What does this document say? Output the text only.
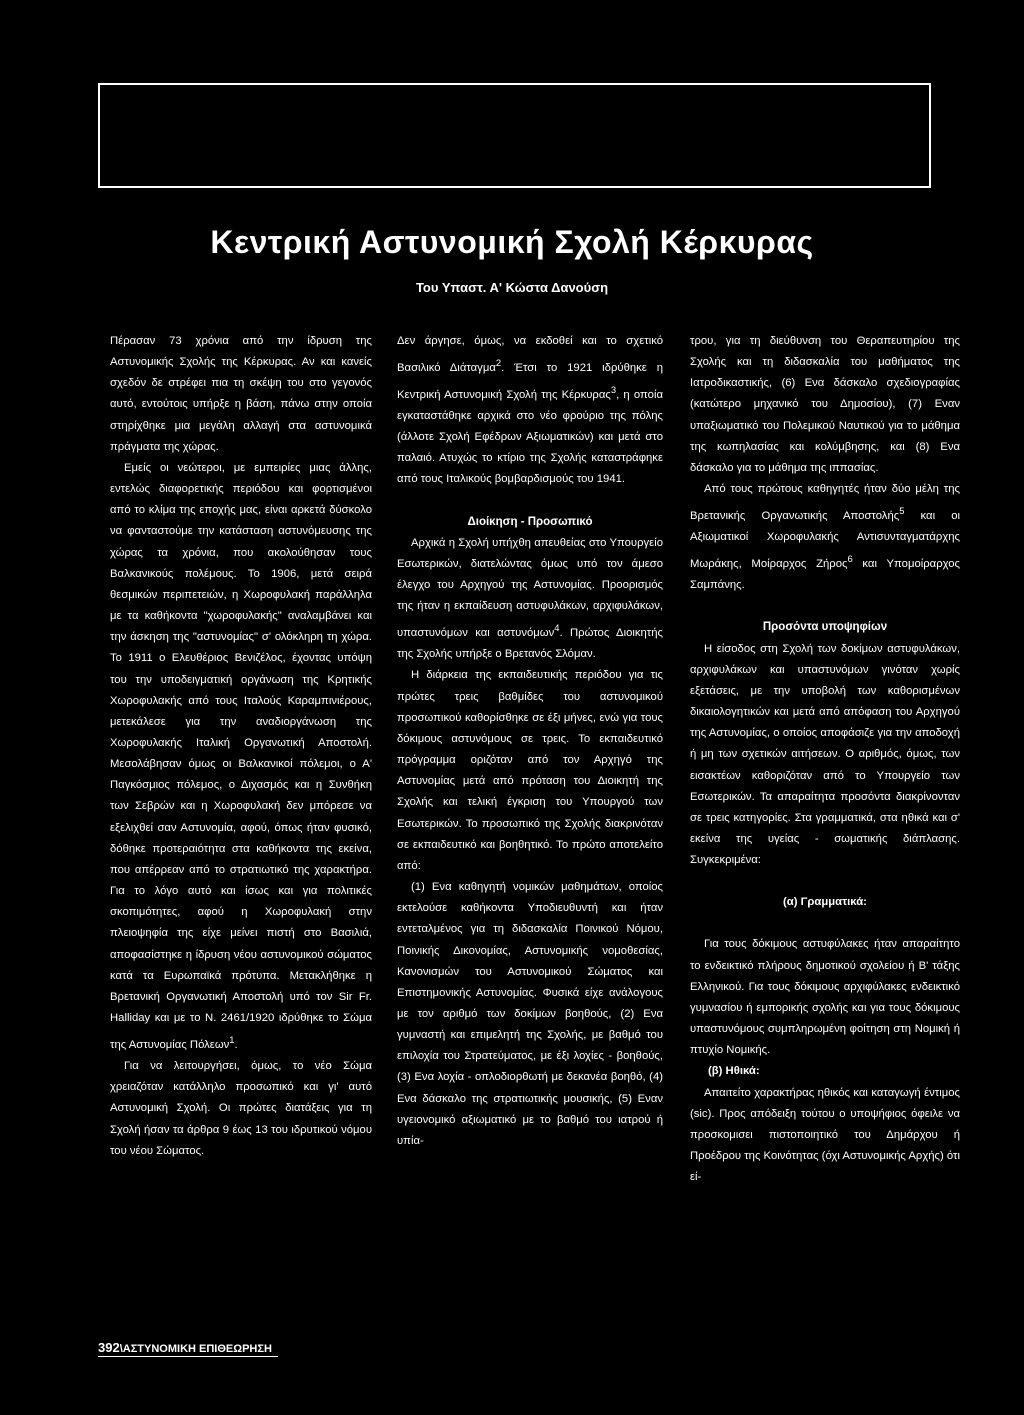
Κεντρική Αστυνομική Σχολή Κέρκυρας
Του Υπαστ. Α' Κώστα Δανούση

Πέρασαν 73 χρόνια από την ίδρυση της Αστυνομικής Σχολής της Κέρκυρας. Αν και κανείς σχεδόν δε στρέφει πια τη σκέψη του στο γεγονός αυτό, εντούτοις υπήρξε η βάση, πάνω στην οποία στηρίχθηκε μια μεγάλη αλλαγή στα αστυνομικά πράγματα της χώρας.

Εμείς οι νεώτεροι, με εμπειρίες μιας άλλης, εντελώς διαφορετικής περιόδου και φορτισμένοι από το κλίμα της εποχής μας, είναι αρκετά δύσκολο να φανταστούμε την κατάσταση αστυνόμευσης της χώρας τα χρόνια, που ακολούθησαν τους Βαλκανικούς πολέμους. Το 1906, μετά σειρά θεσμικών περιπετειών, η Χωροφυλακή παράλληλα με τα καθήκοντα "χωροφυλακής" αναλαμβάνει και την άσκηση της "αστυνομίας" σ' ολόκληρη τη χώρα. Το 1911 ο Ελευθέριος Βενιζέλος, έχοντας υπόψη του την υποδειγματική οργάνωση της Κρητικής Χωροφυλακής από τους Ιταλούς Καραμπινιέρους, μετεκάλεσε για την αναδιοργάνωση της Χωροφυλακής Ιταλική Οργανωτική Αποστολή. Μεσολάβησαν όμως οι Βαλκανικοί πόλεμοι, ο Α' Παγκόσμιος πόλεμος, ο Διχασμός και η Συνθήκη των Σεβρών και η Χωροφυλακή δεν μπόρεσε να εξελιχθεί σαν Αστυνομία, αφού, όπως ήταν φυσικό, δόθηκε προτεραιότητα στα καθήκοντα της εκείνα, που απέρρεαν από το στρατιωτικό της χαρακτήρα. Για το λόγο αυτό και ίσως και για πολιτικές σκοπιμότητες, αφού η Χωροφυλακή στην πλειοψηφία της είχε μείνει πιστή στο Βασιλιά, αποφασίστηκε η ίδρυση νέου αστυνομικού σώματος κατά τα Ευρωπαϊκά πρότυπα. Μετακλήθηκε η Βρετανική Οργανωτική Αποστολή υπό τον Sir Fr. Halliday και με το Ν. 2461/1920 ιδρύθηκε το Σώμα της Αστυνομίας Πόλεων$^1$.

Για να λειτουργήσει, όμως, το νέο Σώμα χρειαζόταν κατάλληλο προσωπικό και γι' αυτό Αστυνομική Σχολή. Οι πρώτες διατάξεις για τη Σχολή ήσαν τα άρθρα 9 έως 13 του ιδρυτικού νόμου του νέου Σώματος.

Δεν άργησε, όμως, να εκδοθεί και το σχετικό Βασιλικό Διάταγμα$^2$. Έτσι το 1921 ιδρύθηκε η Κεντρική Αστυνομική Σχολή της Κέρκυρας$^3$, η οποία εγκαταστάθηκε αρχικά στο νέο φρούριο της πόλης (άλλοτε Σχολή Εφέδρων Αξιωματικών) και μετά στο παλαιό. Ατυχώς το κτίριο της Σχολής καταστράφηκε από τους Ιταλικούς βομβαρδισμούς του 1941.

Διοίκηση - Προσωπικό

Αρχικά η Σχολή υπήχθη απευθείας στο Υπουργείο Εσωτερικών, διατελώντας όμως υπό τον άμεσο έλεγχο του Αρχηγού της Αστυνομίας. Προορισμός της ήταν η εκπαίδευση αστυφυλάκων, αρχιφυλάκων, υπαστυνόμων και αστυνόμων$^4$. Πρώτος Διοικητής της Σχολής υπήρξε ο Βρετανός Σλόμαν.

Η διάρκεια της εκπαιδευτικής περιόδου για τις πρώτες τρεις βαθμίδες του αστυνομικού προσωπικού καθορίσθηκε σε έξι μήνες, ενώ για τους δόκιμους αστυνόμους σε τρεις. Το εκπαιδευτικό πρόγραμμα οριζόταν από τον Αρχηγό της Αστυνομίας μετά από πρόταση του Διοικητή της Σχολής και τελική έγκριση του Υπουργού των Εσωτερικών. Το προσωπικό της Σχολής διακρινόταν σε εκπαιδευτικό και βοηθητικό. Το πρώτο αποτελείτο από:

(1) Ενα καθηγητή νομικών μαθημάτων, οποίος εκτελούσε καθήκοντα Υποδιευθυντή και ήταν εντεταλμένος για τη διδασκαλία Ποινικού Νόμου, Ποινικής Δικονομίας, Αστυνομικής νομοθεσίας, Κανονισμών του Αστυνομικού Σώματος και Επιστημονικής Αστυνομίας. Φυσικά είχε ανάλογους με τον αριθμό των δοκίμων βοηθούς, (2) Ενα γυμναστή και επιμελητή της Σχολής, με βαθμό του επιλοχία του Στρατεύματος, με έξι λοχίες - βοηθούς, (3) Ενα λοχία - οπλοδιορθωτή με δεκανέα βοηθό, (4) Ενα δάσκαλο της στρατιωτικής μουσικής, (5) Εναν υγειονομικό αξιωματικό με το βαθμό του ιατρού ή υπία-

τρου, για τη διεύθυνση του Θεραπευτηρίου της Σχολής και τη διδασκαλία του μαθήματος της Ιατροδικαστικής, (6) Ενα δάσκαλο σχεδιογραφίας (κατώτερο μηχανικό του Δημοσίου), (7) Εναν υπαξιωματικό του Πολεμικού Ναυτικού για το μάθημα της κωπηλασίας και κολύμβησης, και (8) Ενα δάσκαλο για το μάθημα της ιππασίας.

Από τους πρώτους καθηγητές ήταν δύο μέλη της Βρετανικής Οργανωτικής Αποστολής$^5$ και οι Αξιωματικοί Χωροφυλακής Αντισυνταγματάρχης Μωράκης, Μοίραρχος Ζήρος$^6$ και Υπομοίραρχος Σαμπάνης.

Προσόντα υποψηφίων

Η είσοδος στη Σχολή των δοκίμων αστυφυλάκων, αρχιφυλάκων και υπαστυνόμων γινόταν χωρίς εξετάσεις, με την υποβολή των καθορισμένων δικαιολογητικών και μετά από απόφαση του Αρχηγού της Αστυνομίας, ο οποίος αποφάσιζε για την αποδοχή ή μη των σχετικών αιτήσεων. Ο αριθμός, όμως, των εισακτέων καθοριζόταν από το Υπουργείο των Εσωτερικών. Τα απαραίτητα προσόντα διακρίνονταν σε τρεις κατηγορίες. Στα γραμματικά, στα ηθικά και σ' εκείνα της υγείας - σωματικής διάπλασης. Συγκεκριμένα:

(α) Γραμματικά:

Για τους δόκιμους αστυφύλακες ήταν απαραίτητο το ενδεικτικό πλήρους δημοτικού σχολείου ή Β' τάξης Ελληνικού. Για τους δόκιμους αρχιφύλακες ενδεικτικό γυμνασίου ή εμπορικής σχολής και για τους δόκιμους υπαστυνόμους συμπληρωμένη φοίτηση στη Νομική ή πτυχίο Νομικής.

(β) Ηθικά:

Απαιτείτο χαρακτήρας ηθικός και καταγωγή έντιμος (sic). Προς απόδειξη τούτου ο υποψήφιος όφειλε να προσκομισει πιστοποιητικό του Δημάρχου ή Προέδρου της Κοινότητας (όχι Αστυνομικής Αρχής) ότι εί-

392\ΑΣΤΥΝΟΜΙΚΗ ΕΠΙΘΕΩΡΗΣΗ
